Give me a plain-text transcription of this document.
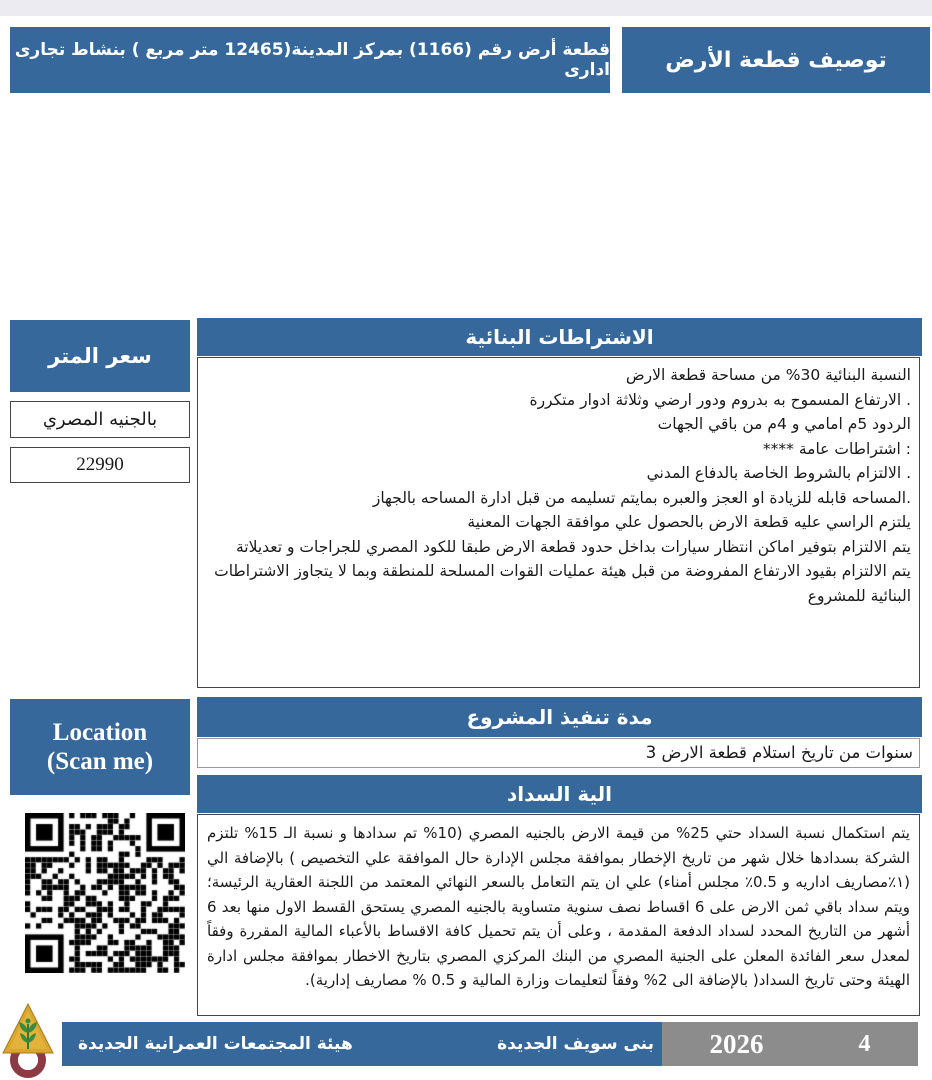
قطعة أرض رقم (1166) بمركز المدينة(12465 متر مربع ) بنشاط تجارى ادارى	توصيف قطعة الأرض
سعر المتر
بالجنيه المصري
22990
الاشتراطات البنائية
النسبة البنائية 30% من مساحة قطعة الارض
. الارتفاع المسموح به بدروم ودور ارضي وثلاثة ادوار متكررة
الردود 5م امامي و 4م من باقي الجهات
: اشتراطات عامة ****
. الالتزام بالشروط الخاصة بالدفاع المدني
.المساحه قابله للزيادة او العجز والعبره بمايتم تسليمه من قبل ادارة المساحه بالجهاز
يلتزم الراسي عليه قطعة الارض بالحصول علي موافقة الجهات المعنية
يتم الالتزام بتوفير اماكن انتظار سيارات بداخل حدود قطعة الارض طبقا للكود المصري للجراجات و تعديلاتة
يتم الالتزام بقيود الارتفاع المفروضة من قبل هيئة عمليات القوات المسلحة للمنطقة وبما لا يتجاوز الاشتراطات البنائية للمشروع
مدة تنفيذ المشروع
سنوات من تاريخ استلام قطعة الارض 3
الية السداد
يتم استكمال نسبة السداد حتي 25% من قيمة الارض بالجنيه المصري (10% تم سدادها و نسبة الـ 15% تلتزم الشركة بسدادها خلال شهر من تاريخ الإخطار بموافقة مجلس الإدارة حال الموافقة علي التخصيص ) بالإضافة الي (١٪مصاريف اداريه و 0.5٪ مجلس أمناء) علي ان يتم التعامل بالسعر النهائي المعتمد من اللجنة العقارية الرئيسة؛ ويتم سداد باقي ثمن الارض على 6 اقساط نصف سنوية متساوية بالجنيه المصري يستحق القسط الاول منها بعد 6 أشهر من التاريخ المحدد لسداد الدفعة المقدمة ، وعلى أن يتم تحميل كافة الاقساط بالأعباء المالية المقررة وفقاً لمعدل سعر الفائدة المعلن على الجنية المصري من البنك المركزي المصري بتاريخ الاخطار بموافقة مجلس ادارة الهيئة وحتى تاريخ السداد( بالإضافة الى 2% وفقاً لتعليمات وزارة المالية و 0.5 % مصاريف إدارية).
Location
(Scan me)
هيئة المجتمعات العمرانية الجديدة	بنى سويف الجديدة 2026	4
